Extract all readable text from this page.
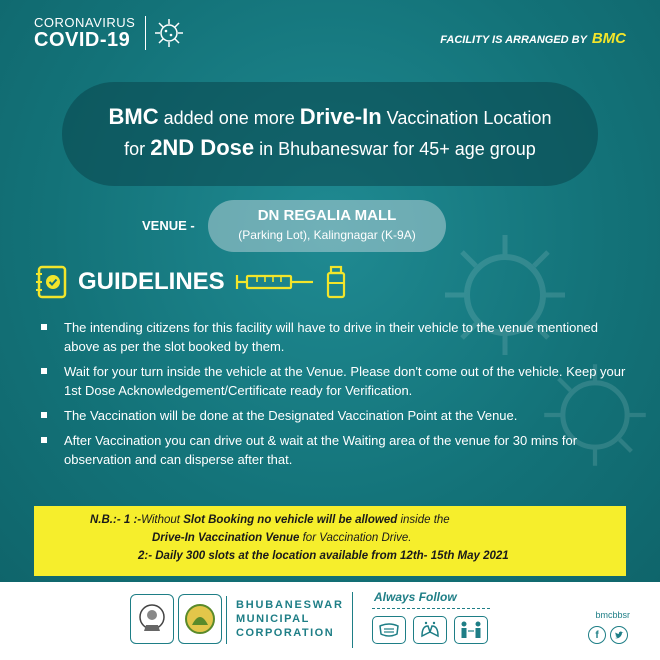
CORONAVIRUS
COVID-19	FACILITY IS ARRANGED BY BMC
BMC added one more Drive-In Vaccination Location
for 2ND Dose in Bhubaneswar for 45+ age group
VENUE -
DN REGALIA MALL
(Parking Lot), Kalingnagar (K-9A)
GUIDELINES
The intending citizens for this facility will have to drive in their vehicle to the venue mentioned above as per the slot booked by them.
Wait for your turn inside the vehicle at the Venue. Please don't come out of the vehicle. Keep your 1st Dose Acknowledgement/Certificate ready for Verification.
The Vaccination will be done at the Designated Vaccination Point at the Venue.
After Vaccination you can drive out & wait at the Waiting area of the venue for 30 mins for observation and can disperse after that.
N.B.:- 1 :-Without Slot Booking no vehicle will be allowed inside the
Drive-In Vaccination Venue for Vaccination Drive.
2:- Daily 300 slots at the location available from 12th- 15th May 2021
BHUBANESWAR
MUNICIPAL
CORPORATION
Always Follow
bmcbbsr
f
